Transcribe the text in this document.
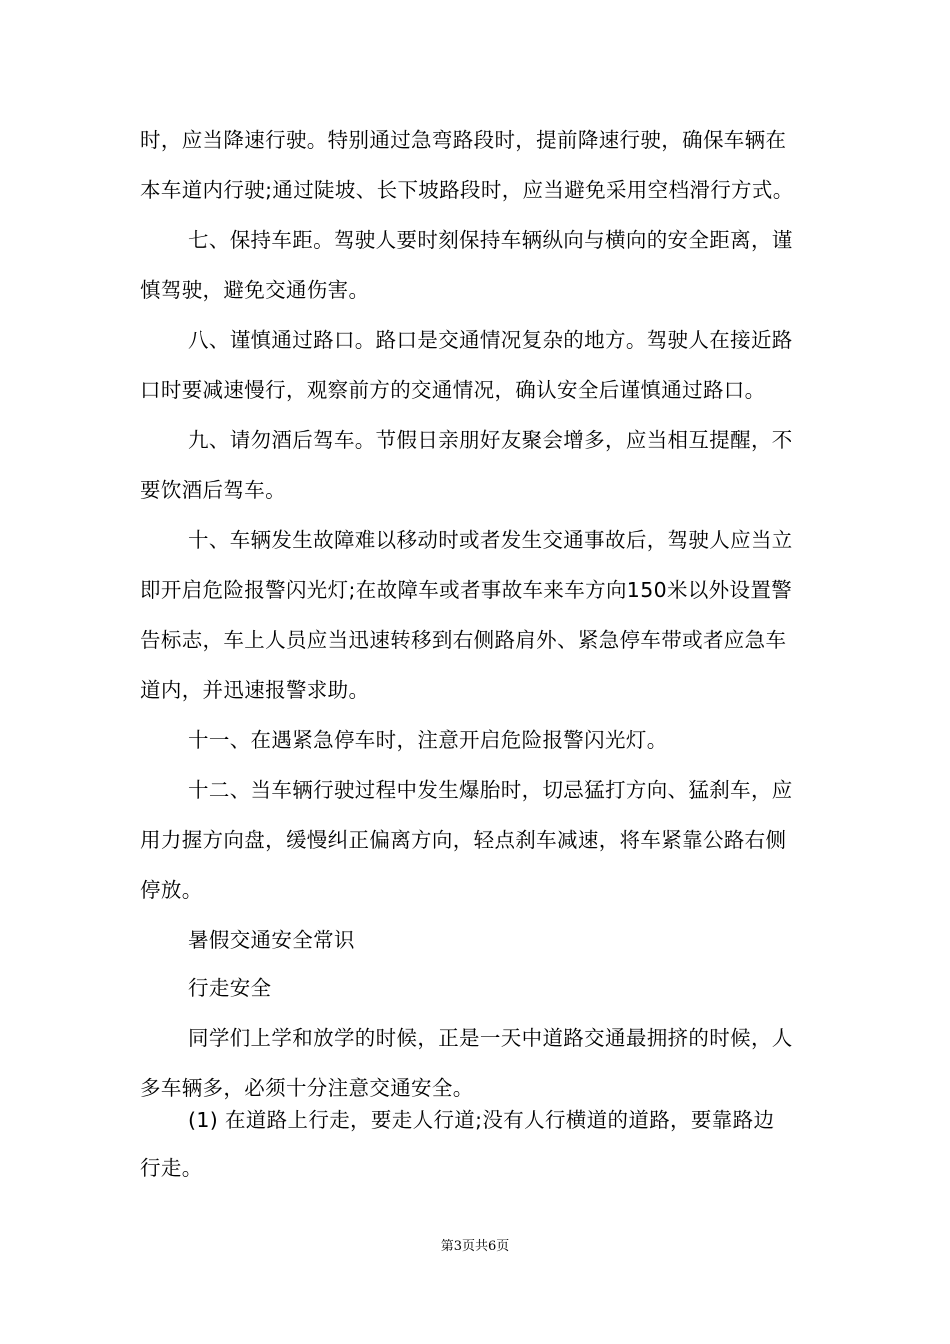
时，应当降速行驶。特别通过急弯路段时，提前降速行驶，确保车辆在
本车道内行驶;通过陡坡、长下坡路段时，应当避免采用空档滑行方式。
七、保持车距。驾驶人要时刻保持车辆纵向与横向的安全距离，谨
慎驾驶，避免交通伤害。
八、谨慎通过路口。路口是交通情况复杂的地方。驾驶人在接近路
口时要减速慢行，观察前方的交通情况，确认安全后谨慎通过路口。
九、请勿酒后驾车。节假日亲朋好友聚会增多，应当相互提醒，不
要饮酒后驾车。
十、车辆发生故障难以移动时或者发生交通事故后，驾驶人应当立
即开启危险报警闪光灯;在故障车或者事故车来车方向150米以外设置警
告标志，车上人员应当迅速转移到右侧路肩外、紧急停车带或者应急车
道内，并迅速报警求助。
十一、在遇紧急停车时，注意开启危险报警闪光灯。
十二、当车辆行驶过程中发生爆胎时，切忌猛打方向、猛刹车，应
用力握方向盘，缓慢纠正偏离方向，轻点刹车减速，将车紧靠公路右侧
停放。
暑假交通安全常识
行走安全
同学们上学和放学的时候，正是一天中道路交通最拥挤的时候，人
多车辆多，必须十分注意交通安全。
(1) 在道路上行走，要走人行道;没有人行横道的道路，要靠路边
行走。
第3页共6页
